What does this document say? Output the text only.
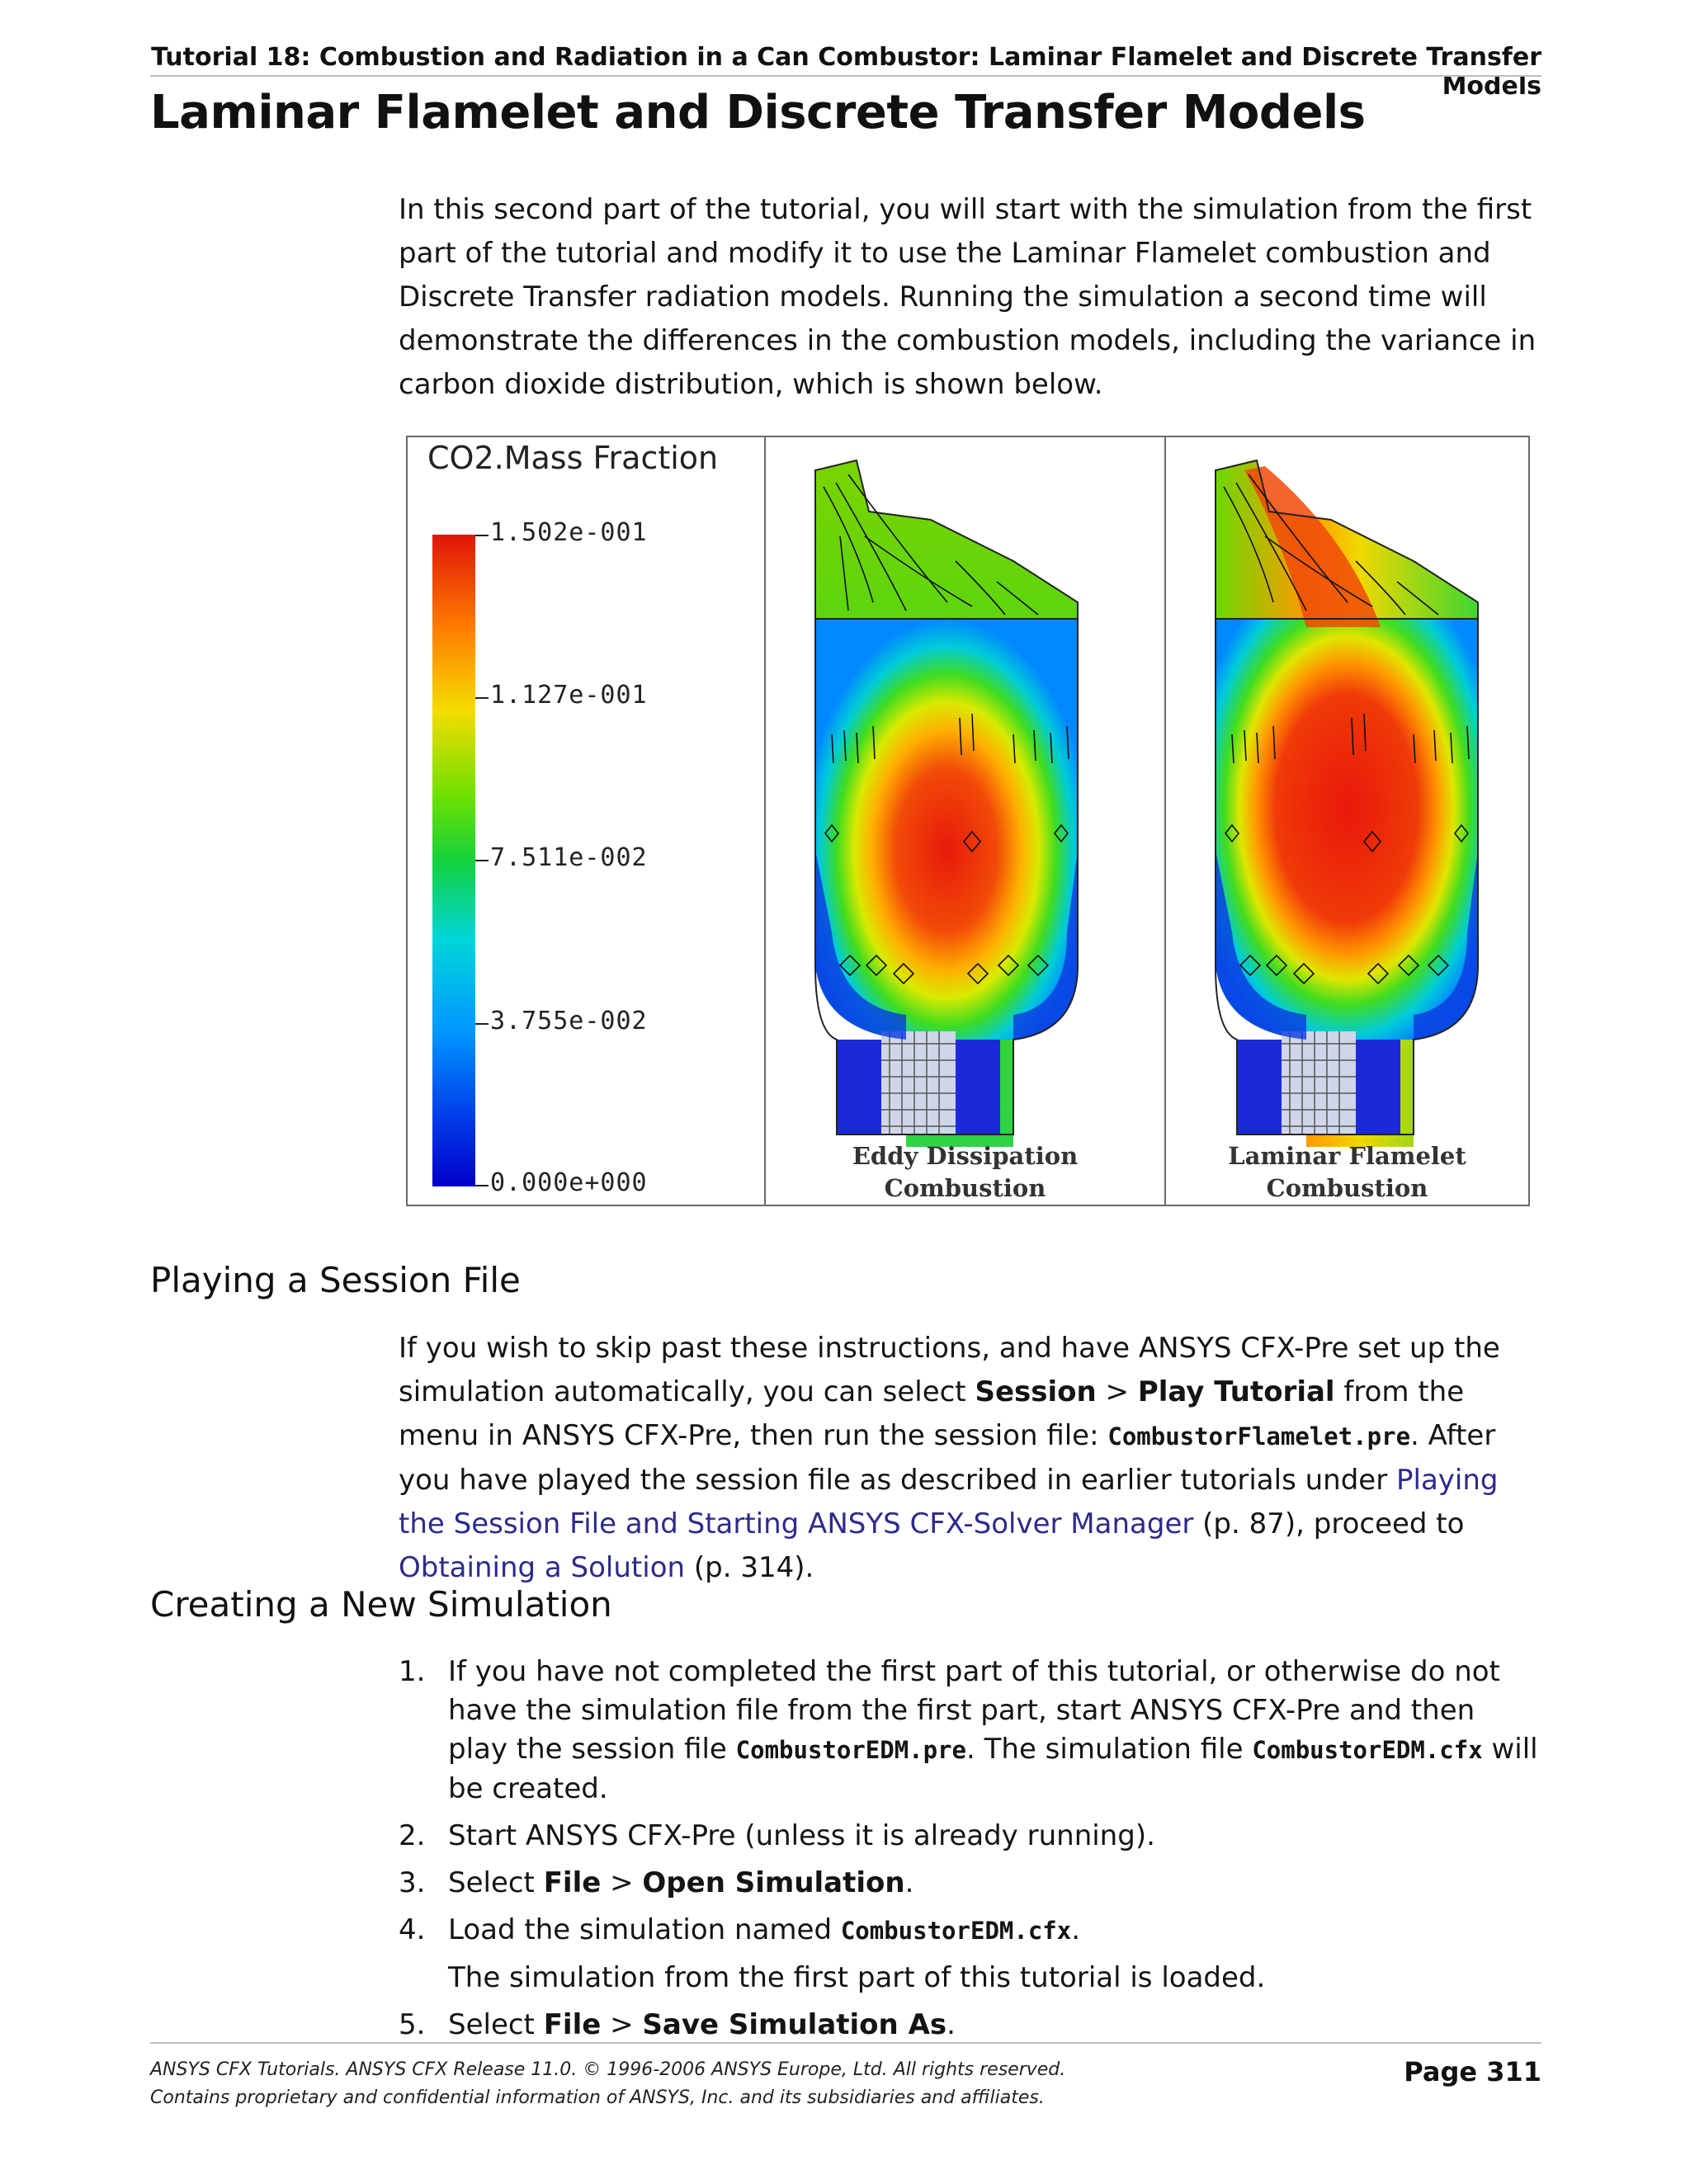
Tutorial 18: Combustion and Radiation in a Can Combustor: Laminar Flamelet and Discrete Transfer Models
Laminar Flamelet and Discrete Transfer Models
In this second part of the tutorial, you will start with the simulation from the first part of the tutorial and modify it to use the Laminar Flamelet combustion and Discrete Transfer radiation models. Running the simulation a second time will demonstrate the differences in the combustion models, including the variance in carbon dioxide distribution, which is shown below.
CO2.Mass Fraction
1.502e-001
1.127e-001
7.511e-002
3.755e-002
0.000e+000
Eddy Dissipation
Combustion
Laminar Flamelet
Combustion
Playing a Session File
If you wish to skip past these instructions, and have ANSYS CFX-Pre set up the simulation automatically, you can select Session > Play Tutorial from the menu in ANSYS CFX-Pre, then run the session file: CombustorFlamelet.pre. After you have played the session file as described in earlier tutorials under Playing the Session File and Starting ANSYS CFX-Solver Manager (p. 87), proceed to Obtaining a Solution (p. 314).
Creating a New Simulation
1. If you have not completed the first part of this tutorial, or otherwise do not have the simulation file from the first part, start ANSYS CFX-Pre and then play the session file CombustorEDM.pre. The simulation file CombustorEDM.cfx will be created.
2. Start ANSYS CFX-Pre (unless it is already running).
3. Select File > Open Simulation.
4. Load the simulation named CombustorEDM.cfx.
The simulation from the first part of this tutorial is loaded.
5. Select File > Save Simulation As.
ANSYS CFX Tutorials. ANSYS CFX Release 11.0. © 1996-2006 ANSYS Europe, Ltd. All rights reserved.
Contains proprietary and confidential information of ANSYS, Inc. and its subsidiaries and affiliates.
Page 311
